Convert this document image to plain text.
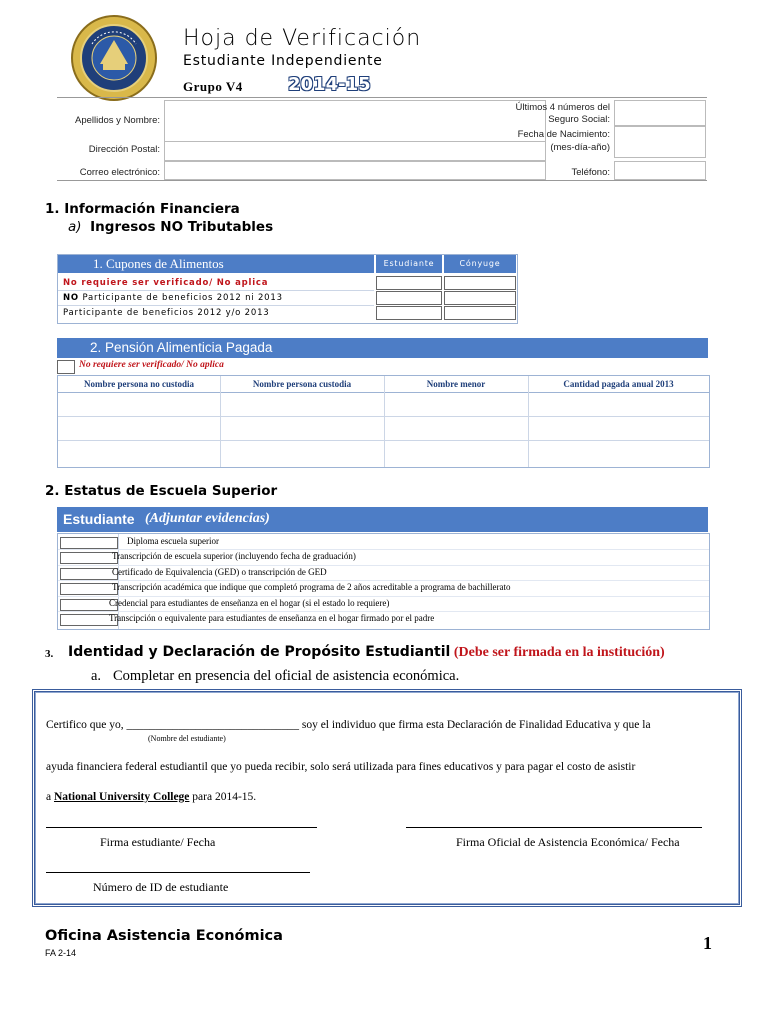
Hoja de Verificación
Estudiante Independiente
Grupo V4	2014-15
Apellidos y Nombre:
Dirección Postal:
Correo electrónico:
Últimos 4 números del
Seguro Social:
Fecha de Nacimiento:
(mes-día-año)
Teléfono:
1. Información Financiera
a) Ingresos NO Tributables
1. Cupones de Alimentos	Estudiante	Cónyuge
No requiere ser verificado/ No aplica
NO Participante de beneficios 2012 ni 2013
Participante de beneficios 2012 y/o 2013
2. Pensión Alimenticia Pagada
No requiere ser verificado/ No aplica
Nombre persona no custodia	Nombre persona custodia	Nombre menor	Cantidad pagada anual 2013
2. Estatus de Escuela Superior
Estudiante (Adjuntar evidencias)
Diploma escuela superior
Transcripción de escuela superior (incluyendo fecha de graduación)
Certificado de Equivalencia (GED) o transcripción de GED
Transcripción académica que indique que completó programa de 2 años acreditable a programa de bachillerato
Credencial para estudiantes de enseñanza en el hogar (si el estado lo requiere)
Transcipción o equivalente para estudiantes de enseñanza en el hogar firmado por el padre
3. Identidad y Declaración de Propósito Estudiantil (Debe ser firmada en la institución)
a. Completar en presencia del oficial de asistencia económica.
Certifico que yo, ______________________________ soy el individuo que firma esta Declaración de Finalidad Educativa y que la
(Nombre del estudiante)
ayuda financiera federal estudiantil que yo pueda recibir, solo será utilizada para fines educativos y para pagar el costo de asistir
a National University College para 2014-15.
Firma estudiante/ Fecha	Firma Oficial de Asistencia Económica/ Fecha
Número de ID de estudiante
Oficina Asistencia Económica
FA 2-14	1
